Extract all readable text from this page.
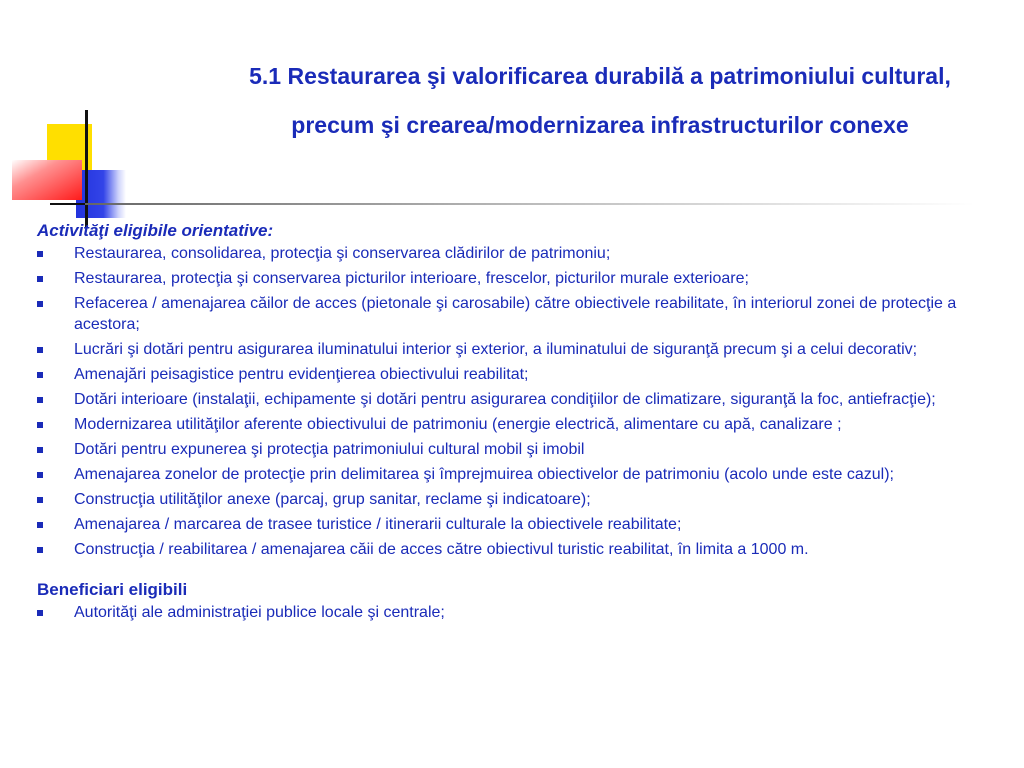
5.1 Restaurarea şi valorificarea durabilă a patrimoniului cultural,
precum şi crearea/modernizarea infrastructurilor conexe

Activităţi eligibile orientative:

Restaurarea, consolidarea, protecţia şi conservarea clădirilor de patrimoniu;
Restaurarea, protecţia şi conservarea picturilor interioare, frescelor, picturilor murale exterioare;
Refacerea / amenajarea căilor de acces (pietonale şi carosabile) către obiectivele reabilitate, în interiorul zonei de protecţie a acestora;
Lucrări şi dotări pentru asigurarea iluminatului interior şi exterior, a iluminatului de siguranţă precum şi a celui decorativ;
Amenajări peisagistice pentru evidenţierea obiectivului reabilitat;
Dotări interioare (instalaţii, echipamente şi dotări pentru asigurarea condiţiilor de climatizare, siguranţă la foc, antiefracţie);
Modernizarea utilităţilor aferente obiectivului de patrimoniu (energie electrică, alimentare cu apă, canalizare ;
Dotări pentru expunerea şi protecţia patrimoniului cultural mobil şi imobil
Amenajarea zonelor de protecţie prin delimitarea şi împrejmuirea obiectivelor de patrimoniu (acolo unde este cazul);
Construcţia utilităţilor anexe (parcaj, grup sanitar, reclame şi indicatoare);
Amenajarea / marcarea de trasee turistice / itinerarii culturale la obiectivele reabilitate;
Construcţia / reabilitarea / amenajarea căii de acces către obiectivul turistic reabilitat, în limita a 1000 m.

Beneficiari eligibili

Autorităţi ale administraţiei publice locale şi centrale;
